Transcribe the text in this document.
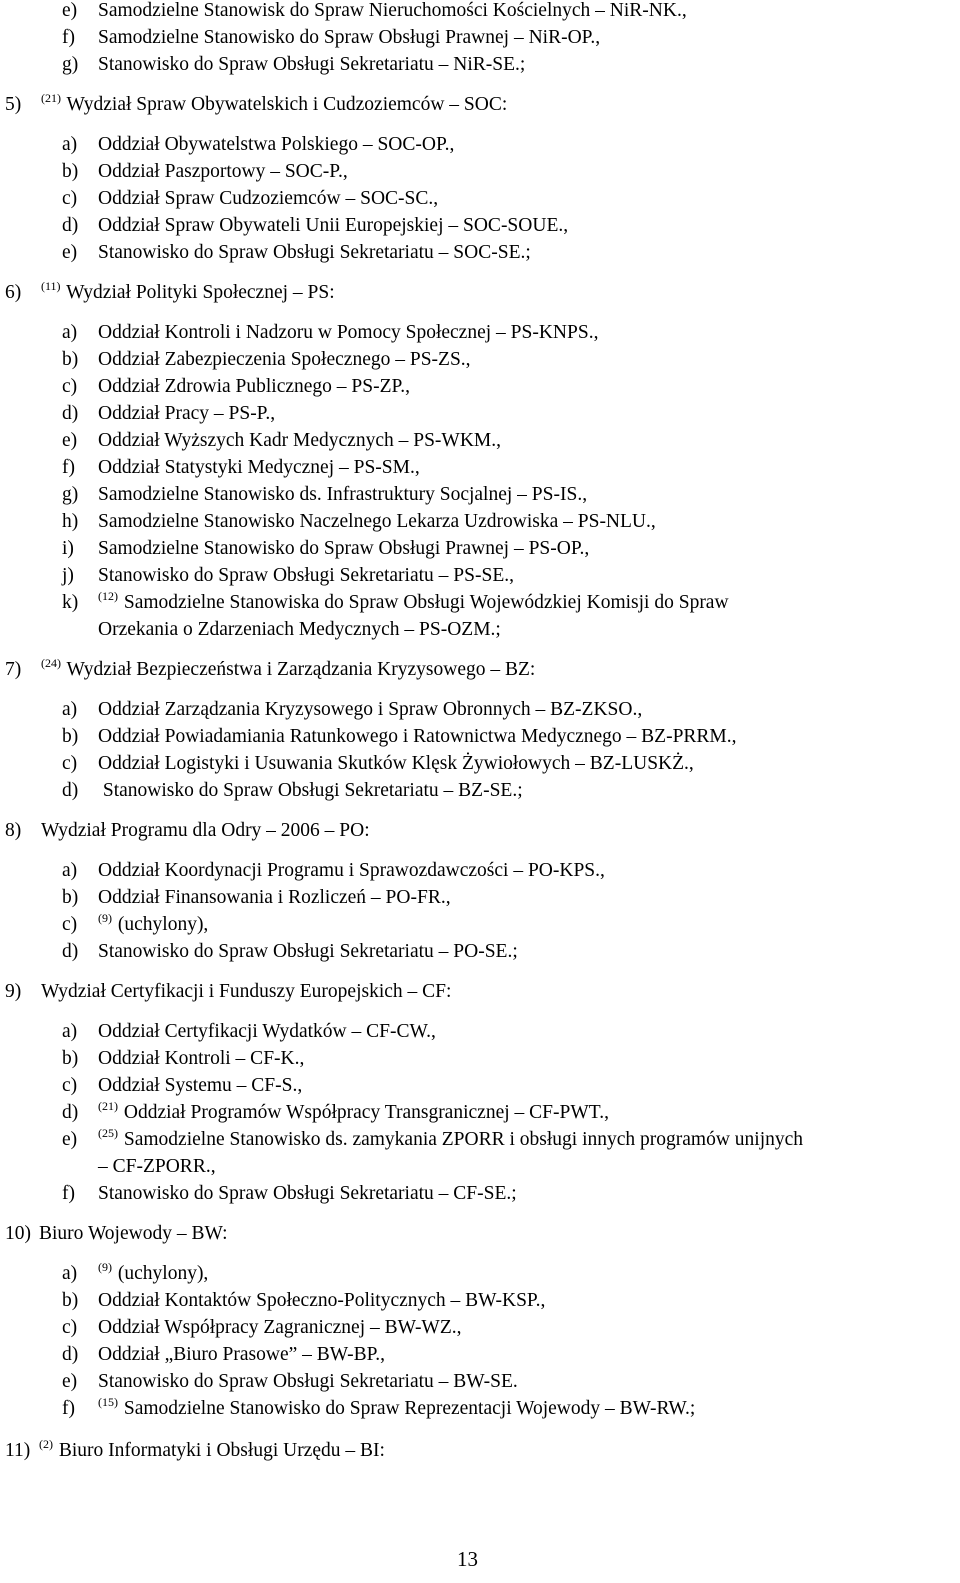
13
e) Samodzielne Stanowisk do Spraw Nieruchomości Kościelnych – NiR-NK.,
f) Samodzielne Stanowisko do Spraw Obsługi Prawnej – NiR-OP.,
g) Stanowisko do Spraw Obsługi Sekretariatu – NiR-SE.;
5) $^{(21)}$ Wydział Spraw Obywatelskich i Cudzoziemców – SOC:
a) Oddział Obywatelstwa Polskiego – SOC-OP.,
b) Oddział Paszportowy – SOC-P.,
c) Oddział Spraw Cudzoziemców – SOC-SC.,
d) Oddział Spraw Obywateli Unii Europejskiej – SOC-SOUE.,
e) Stanowisko do Spraw Obsługi Sekretariatu – SOC-SE.;
6) $^{(11)}$ Wydział Polityki Społecznej – PS:
a) Oddział Kontroli i Nadzoru w Pomocy Społecznej – PS-KNPS.,
b) Oddział Zabezpieczenia Społecznego – PS-ZS.,
c) Oddział Zdrowia Publicznego – PS-ZP.,
d) Oddział Pracy – PS-P.,
e) Oddział Wyższych Kadr Medycznych – PS-WKM.,
f) Oddział Statystyki Medycznej – PS-SM.,
g) Samodzielne Stanowisko ds. Infrastruktury Socjalnej – PS-IS.,
h) Samodzielne Stanowisko Naczelnego Lekarza Uzdrowiska – PS-NLU.,
i) Samodzielne Stanowisko do Spraw Obsługi Prawnej – PS-OP.,
j) Stanowisko do Spraw Obsługi Sekretariatu – PS-SE.,
k) $^{(12)}$ Samodzielne Stanowiska do Spraw Obsługi Wojewódzkiej Komisji do Spraw
Orzekania o Zdarzeniach Medycznych – PS-OZM.;
7) $^{(24)}$ Wydział Bezpieczeństwa i Zarządzania Kryzysowego – BZ:
a) Oddział Zarządzania Kryzysowego i Spraw Obronnych – BZ-ZKSO.,
b) Oddział Powiadamiania Ratunkowego i Ratownictwa Medycznego – BZ-PRRM.,
c) Oddział Logistyki i Usuwania Skutków Klęsk Żywiołowych – BZ-LUSKŻ.,
d) Stanowisko do Spraw Obsługi Sekretariatu – BZ-SE.;
8) Wydział Programu dla Odry – 2006 – PO:
a) Oddział Koordynacji Programu i Sprawozdawczości – PO-KPS.,
b) Oddział Finansowania i Rozliczeń – PO-FR.,
c) $^{(9)}$ (uchylony),
d) Stanowisko do Spraw Obsługi Sekretariatu – PO-SE.;
9) Wydział Certyfikacji i Funduszy Europejskich – CF:
a) Oddział Certyfikacji Wydatków – CF-CW.,
b) Oddział Kontroli – CF-K.,
c) Oddział Systemu – CF-S.,
d) $^{(21)}$ Oddział Programów Współpracy Transgranicznej – CF-PWT.,
e) $^{(25)}$ Samodzielne Stanowisko ds. zamykania ZPORR i obsługi innych programów unijnych
– CF-ZPORR.,
f) Stanowisko do Spraw Obsługi Sekretariatu – CF-SE.;
10) Biuro Wojewody – BW:
a) $^{(9)}$ (uchylony),
b) Oddział Kontaktów Społeczno-Politycznych – BW-KSP.,
c) Oddział Współpracy Zagranicznej – BW-WZ.,
d) Oddział „Biuro Prasowe” – BW-BP.,
e) Stanowisko do Spraw Obsługi Sekretariatu – BW-SE.
f) $^{(15)}$ Samodzielne Stanowisko do Spraw Reprezentacji Wojewody – BW-RW.;
11) $^{(2)}$ Biuro Informatyki i Obsługi Urzędu – BI:
